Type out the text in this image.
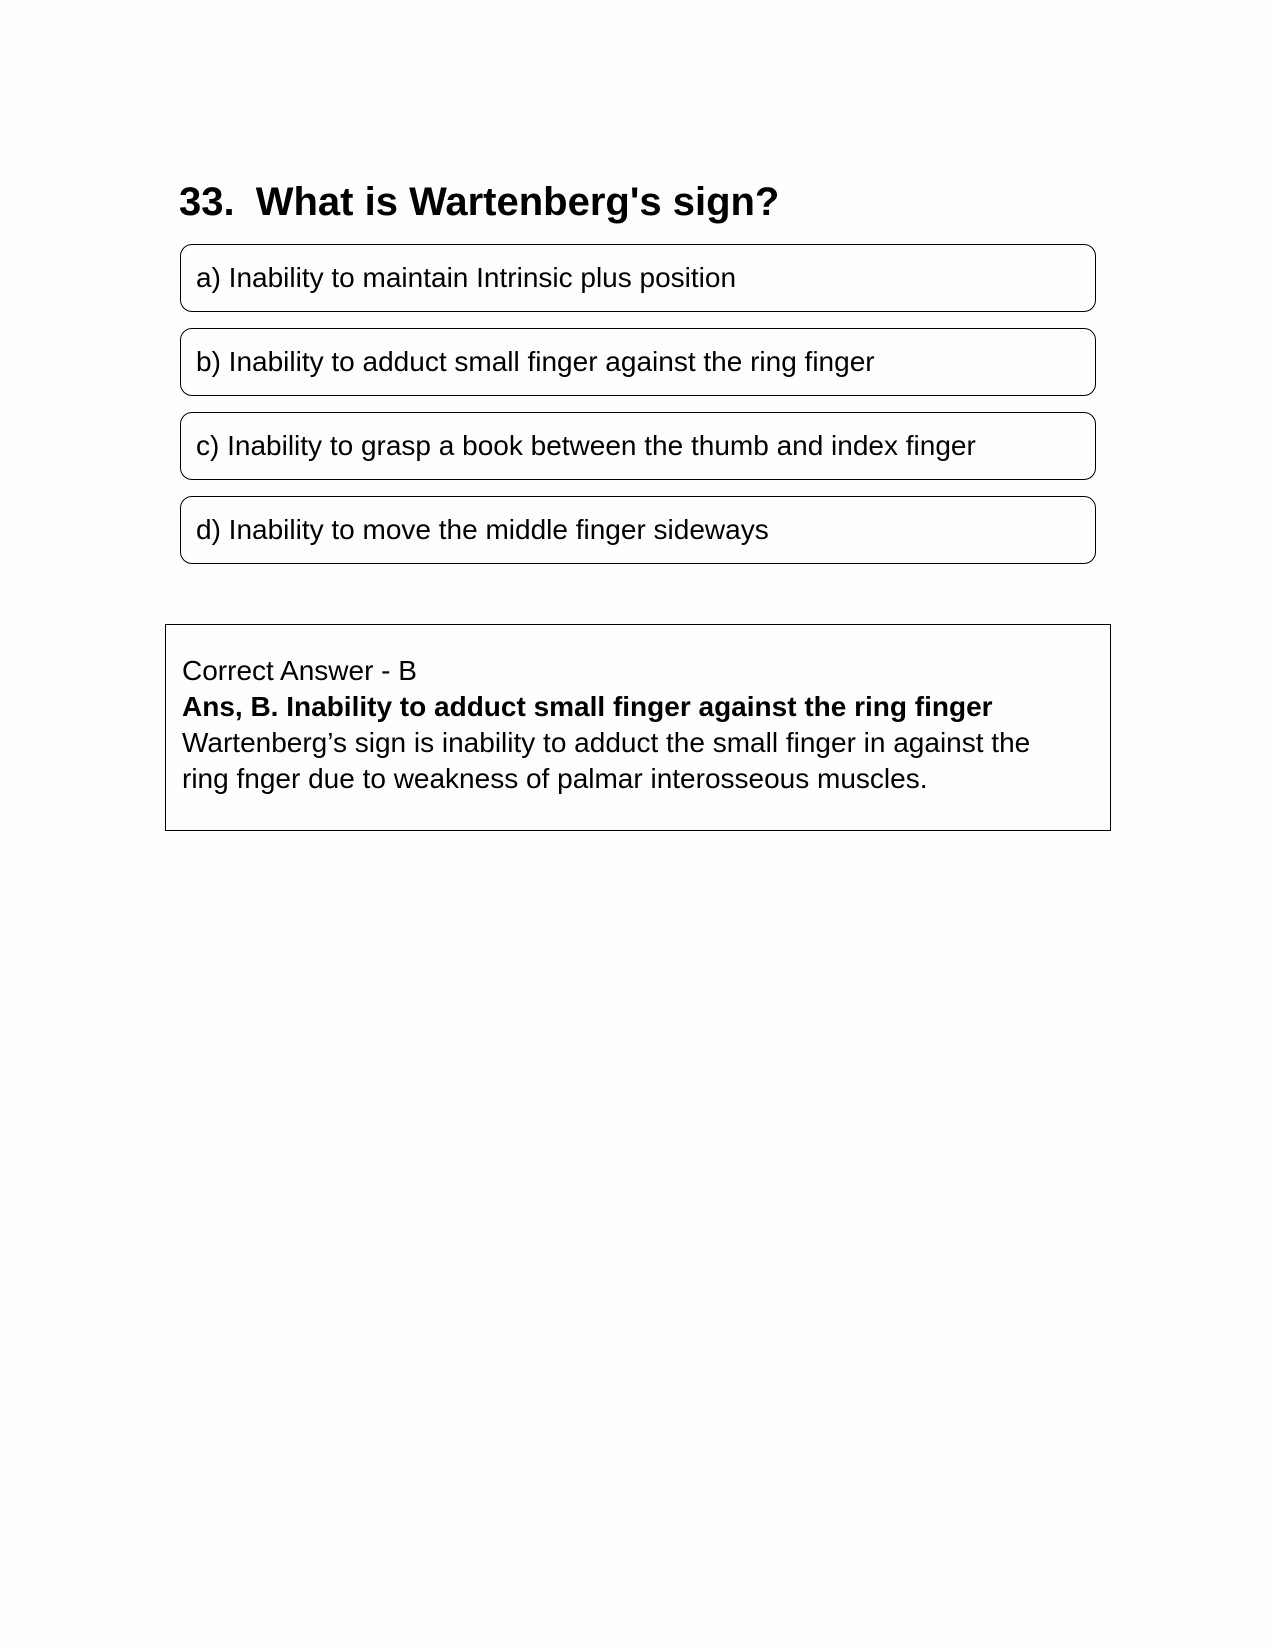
33. What is Wartenberg's sign?
a) Inability to maintain Intrinsic plus position
b) Inability to adduct small finger against the ring finger
c) Inability to grasp a book between the thumb and index finger
d) Inability to move the middle finger sideways
Correct Answer - B
Ans, B. Inability to adduct small finger against the ring finger
Wartenberg’s sign is inability to adduct the small finger in against the
ring fnger due to weakness of palmar interosseous muscles.
